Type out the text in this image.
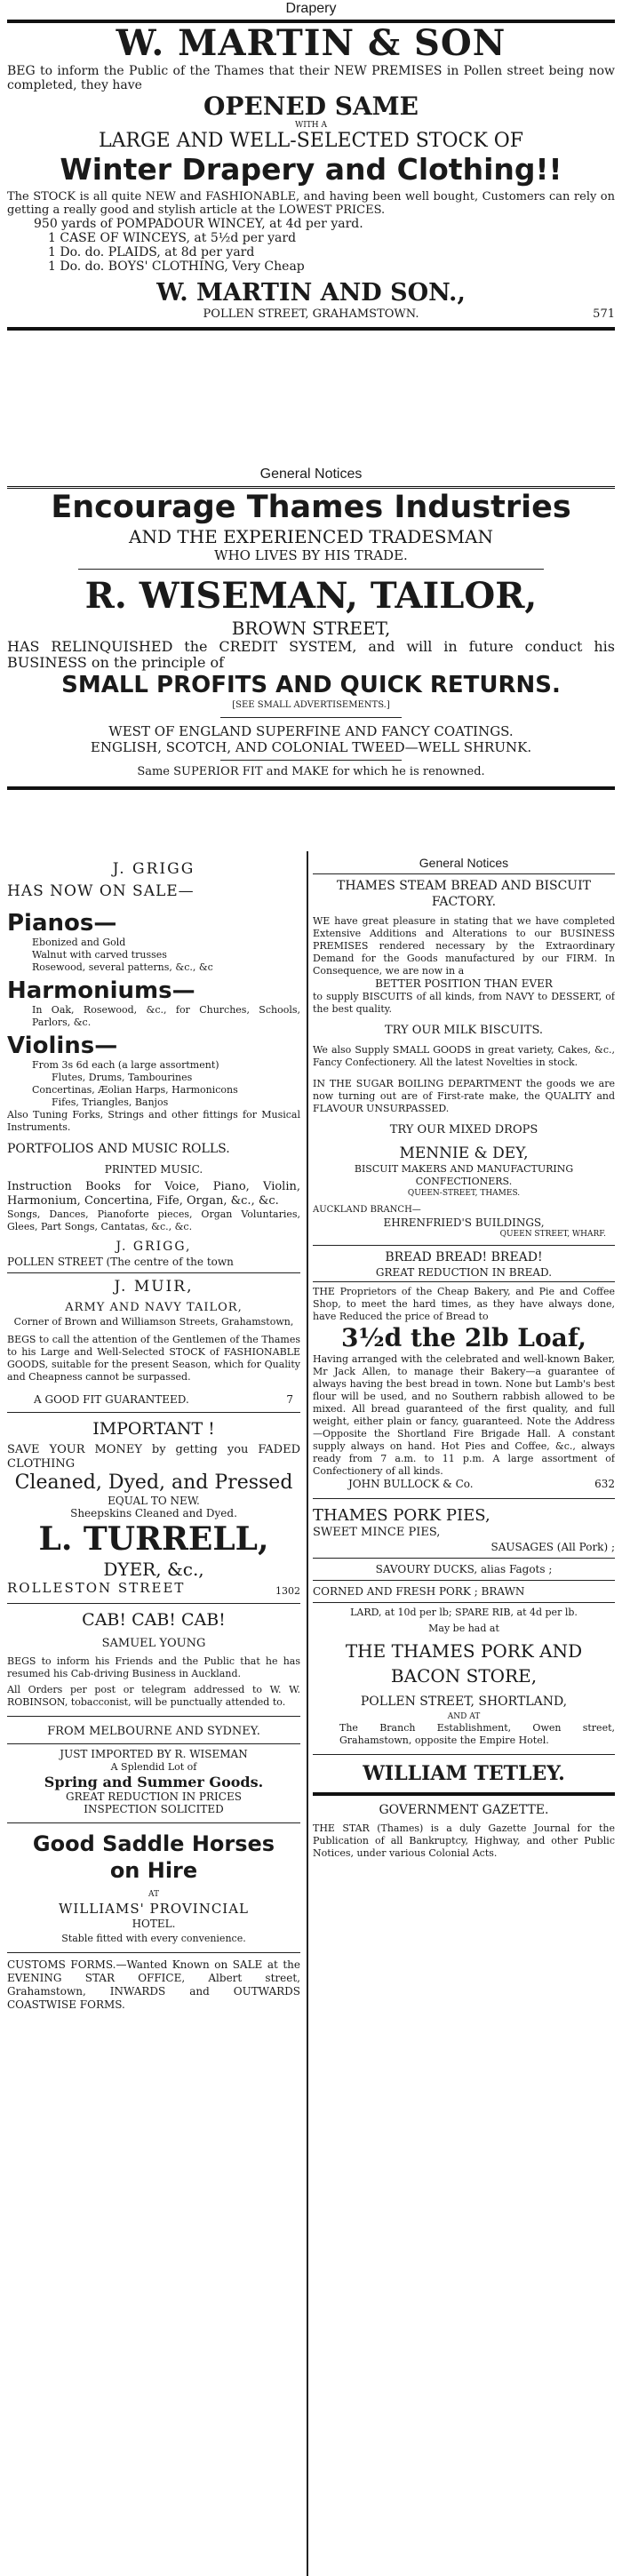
Drapery
W. MARTIN & SON
BEG to inform the Public of the Thames that their NEW PREMISES in Pollen street being now completed, they have
OPENED SAME
WITH A
LARGE AND WELL-SELECTED STOCK OF
Winter Drapery and Clothing!!
The STOCK is all quite NEW and FASHIONABLE, and having been well bought, Customers can rely on getting a really good and stylish article at the LOWEST PRICES.
950 yards of POMPADOUR WINCEY, at 4d per yard.
1 CASE OF WINCEYS, at 5½d per yard
1 Do. do. PLAIDS, at 8d per yard
1 Do. do. BOYS' CLOTHING, Very Cheap
W. MARTIN AND SON.,
POLLEN STREET, GRAHAMSTOWN.	571
General Notices
Encourage Thames Industries
AND THE EXPERIENCED TRADESMAN
WHO LIVES BY HIS TRADE.
R. WISEMAN, TAILOR,
BROWN STREET,
HAS RELINQUISHED the CREDIT SYSTEM, and will in future conduct his BUSINESS on the principle of
SMALL PROFITS AND QUICK RETURNS.
[SEE SMALL ADVERTISEMENTS.]
WEST OF ENGLAND SUPERFINE AND FANCY COATINGS.
ENGLISH, SCOTCH, AND COLONIAL TWEED—WELL SHRUNK.
Same SUPERIOR FIT and MAKE for which he is renowned.
J. GRIGG
HAS NOW ON SALE—
Pianos—
Ebonized and Gold
Walnut with carved trusses
Rosewood, several patterns, &c., &c
Harmoniums—
In Oak, Rosewood, &c., for Churches, Schools, Parlors, &c.
Violins—
From 3s 6d each (a large assortment)
Flutes, Drums, Tambourines
Concertinas, Æolian Harps, Harmonicons
Fifes, Triangles, Banjos
Also Tuning Forks, Strings and other fittings for Musical Instruments.
PORTFOLIOS AND MUSIC ROLLS.
PRINTED MUSIC.
Instruction Books for Voice, Piano, Violin, Harmonium, Concertina, Fife, Organ, &c., &c.
Songs, Dances, Pianoforte pieces, Organ Voluntaries, Glees, Part Songs, Cantatas, &c., &c.
J. GRIGG,
POLLEN STREET (The centre of the town
J. MUIR,
ARMY AND NAVY TAILOR,
Corner of Brown and Williamson Streets, Grahamstown,
BEGS to call the attention of the Gentlemen of the Thames to his Large and Well-Selected STOCK of FASHIONABLE GOODS, suitable for the present Season, which for Quality and Cheapness cannot be surpassed.
A GOOD FIT GUARANTEED.	7
IMPORTANT !
SAVE YOUR MONEY by getting you FADED CLOTHING
Cleaned, Dyed, and Pressed
EQUAL TO NEW.
Sheepskins Cleaned and Dyed.
L. TURRELL,
DYER, &c.,
ROLLESTON STREET	1302
CAB! CAB! CAB!
SAMUEL YOUNG
BEGS to inform his Friends and the Public that he has resumed his Cab-driving Business in Auckland.
All Orders per post or telegram addressed to W. W. ROBINSON, tobacconist, will be punctually attended to.
FROM MELBOURNE AND SYDNEY.
JUST IMPORTED BY R. WISEMAN
A Splendid Lot of
Spring and Summer Goods.
GREAT REDUCTION IN PRICES
INSPECTION SOLICITED
Good Saddle Horses
on Hire
AT
WILLIAMS' PROVINCIAL
HOTEL.
Stable fitted with every convenience.
CUSTOMS FORMS.—Wanted Known on SALE at the EVENING STAR OFFICE, Albert street, Grahamstown, INWARDS and OUTWARDS COASTWISE FORMS.
General Notices
THAMES STEAM BREAD AND BISCUIT FACTORY.
WE have great pleasure in stating that we have completed Extensive Additions and Alterations to our BUSINESS PREMISES rendered necessary by the Extraordinary Demand for the Goods manufactured by our FIRM. In Consequence, we are now in a
BETTER POSITION THAN EVER
to supply BISCUITS of all kinds, from NAVY to DESSERT, of the best quality.
TRY OUR MILK BISCUITS.
We also Supply SMALL GOODS in great variety, Cakes, &c., Fancy Confectionery. All the latest Novelties in stock.
IN THE SUGAR BOILING DEPARTMENT the goods we are now turning out are of First-rate make, the QUALITY and FLAVOUR UNSURPASSED.
TRY OUR MIXED DROPS
MENNIE & DEY,
BISCUIT MAKERS AND MANUFACTURING CONFECTIONERS.
QUEEN-STREET, THAMES.
AUCKLAND BRANCH—
EHRENFRIED'S BUILDINGS,
QUEEN STREET, WHARF.
BREAD BREAD! BREAD!
GREAT REDUCTION IN BREAD.
THE Proprietors of the Cheap Bakery, and Pie and Coffee Shop, to meet the hard times, as they have always done, have Reduced the price of Bread to
3½d the 2lb Loaf,
Having arranged with the celebrated and well-known Baker, Mr Jack Allen, to manage their Bakery—a guarantee of always having the best bread in town. None but Lamb's best flour will be used, and no Southern rabbish allowed to be mixed. All bread guaranteed of the first quality, and full weight, either plain or fancy, guaranteed. Note the Address—Opposite the Shortland Fire Brigade Hall. A constant supply always on hand. Hot Pies and Coffee, &c., always ready from 7 a.m. to 11 p.m. A large assortment of Confectionery of all kinds.
JOHN BULLOCK & Co.	632
THAMES PORK PIES,
SWEET MINCE PIES,
SAUSAGES (All Pork) ;
SAVOURY DUCKS, alias Fagots ;
CORNED AND FRESH PORK ; BRAWN
LARD, at 10d per lb; SPARE RIB, at 4d per lb.
May be had at
THE THAMES PORK AND
BACON STORE,
POLLEN STREET, SHORTLAND,
AND AT
The Branch Establishment, Owen street, Grahamstown, opposite the Empire Hotel.
WILLIAM TETLEY.
GOVERNMENT GAZETTE.
THE STAR (Thames) is a duly Gazette Journal for the Publication of all Bankruptcy, Highway, and other Public Notices, under various Colonial Acts.
